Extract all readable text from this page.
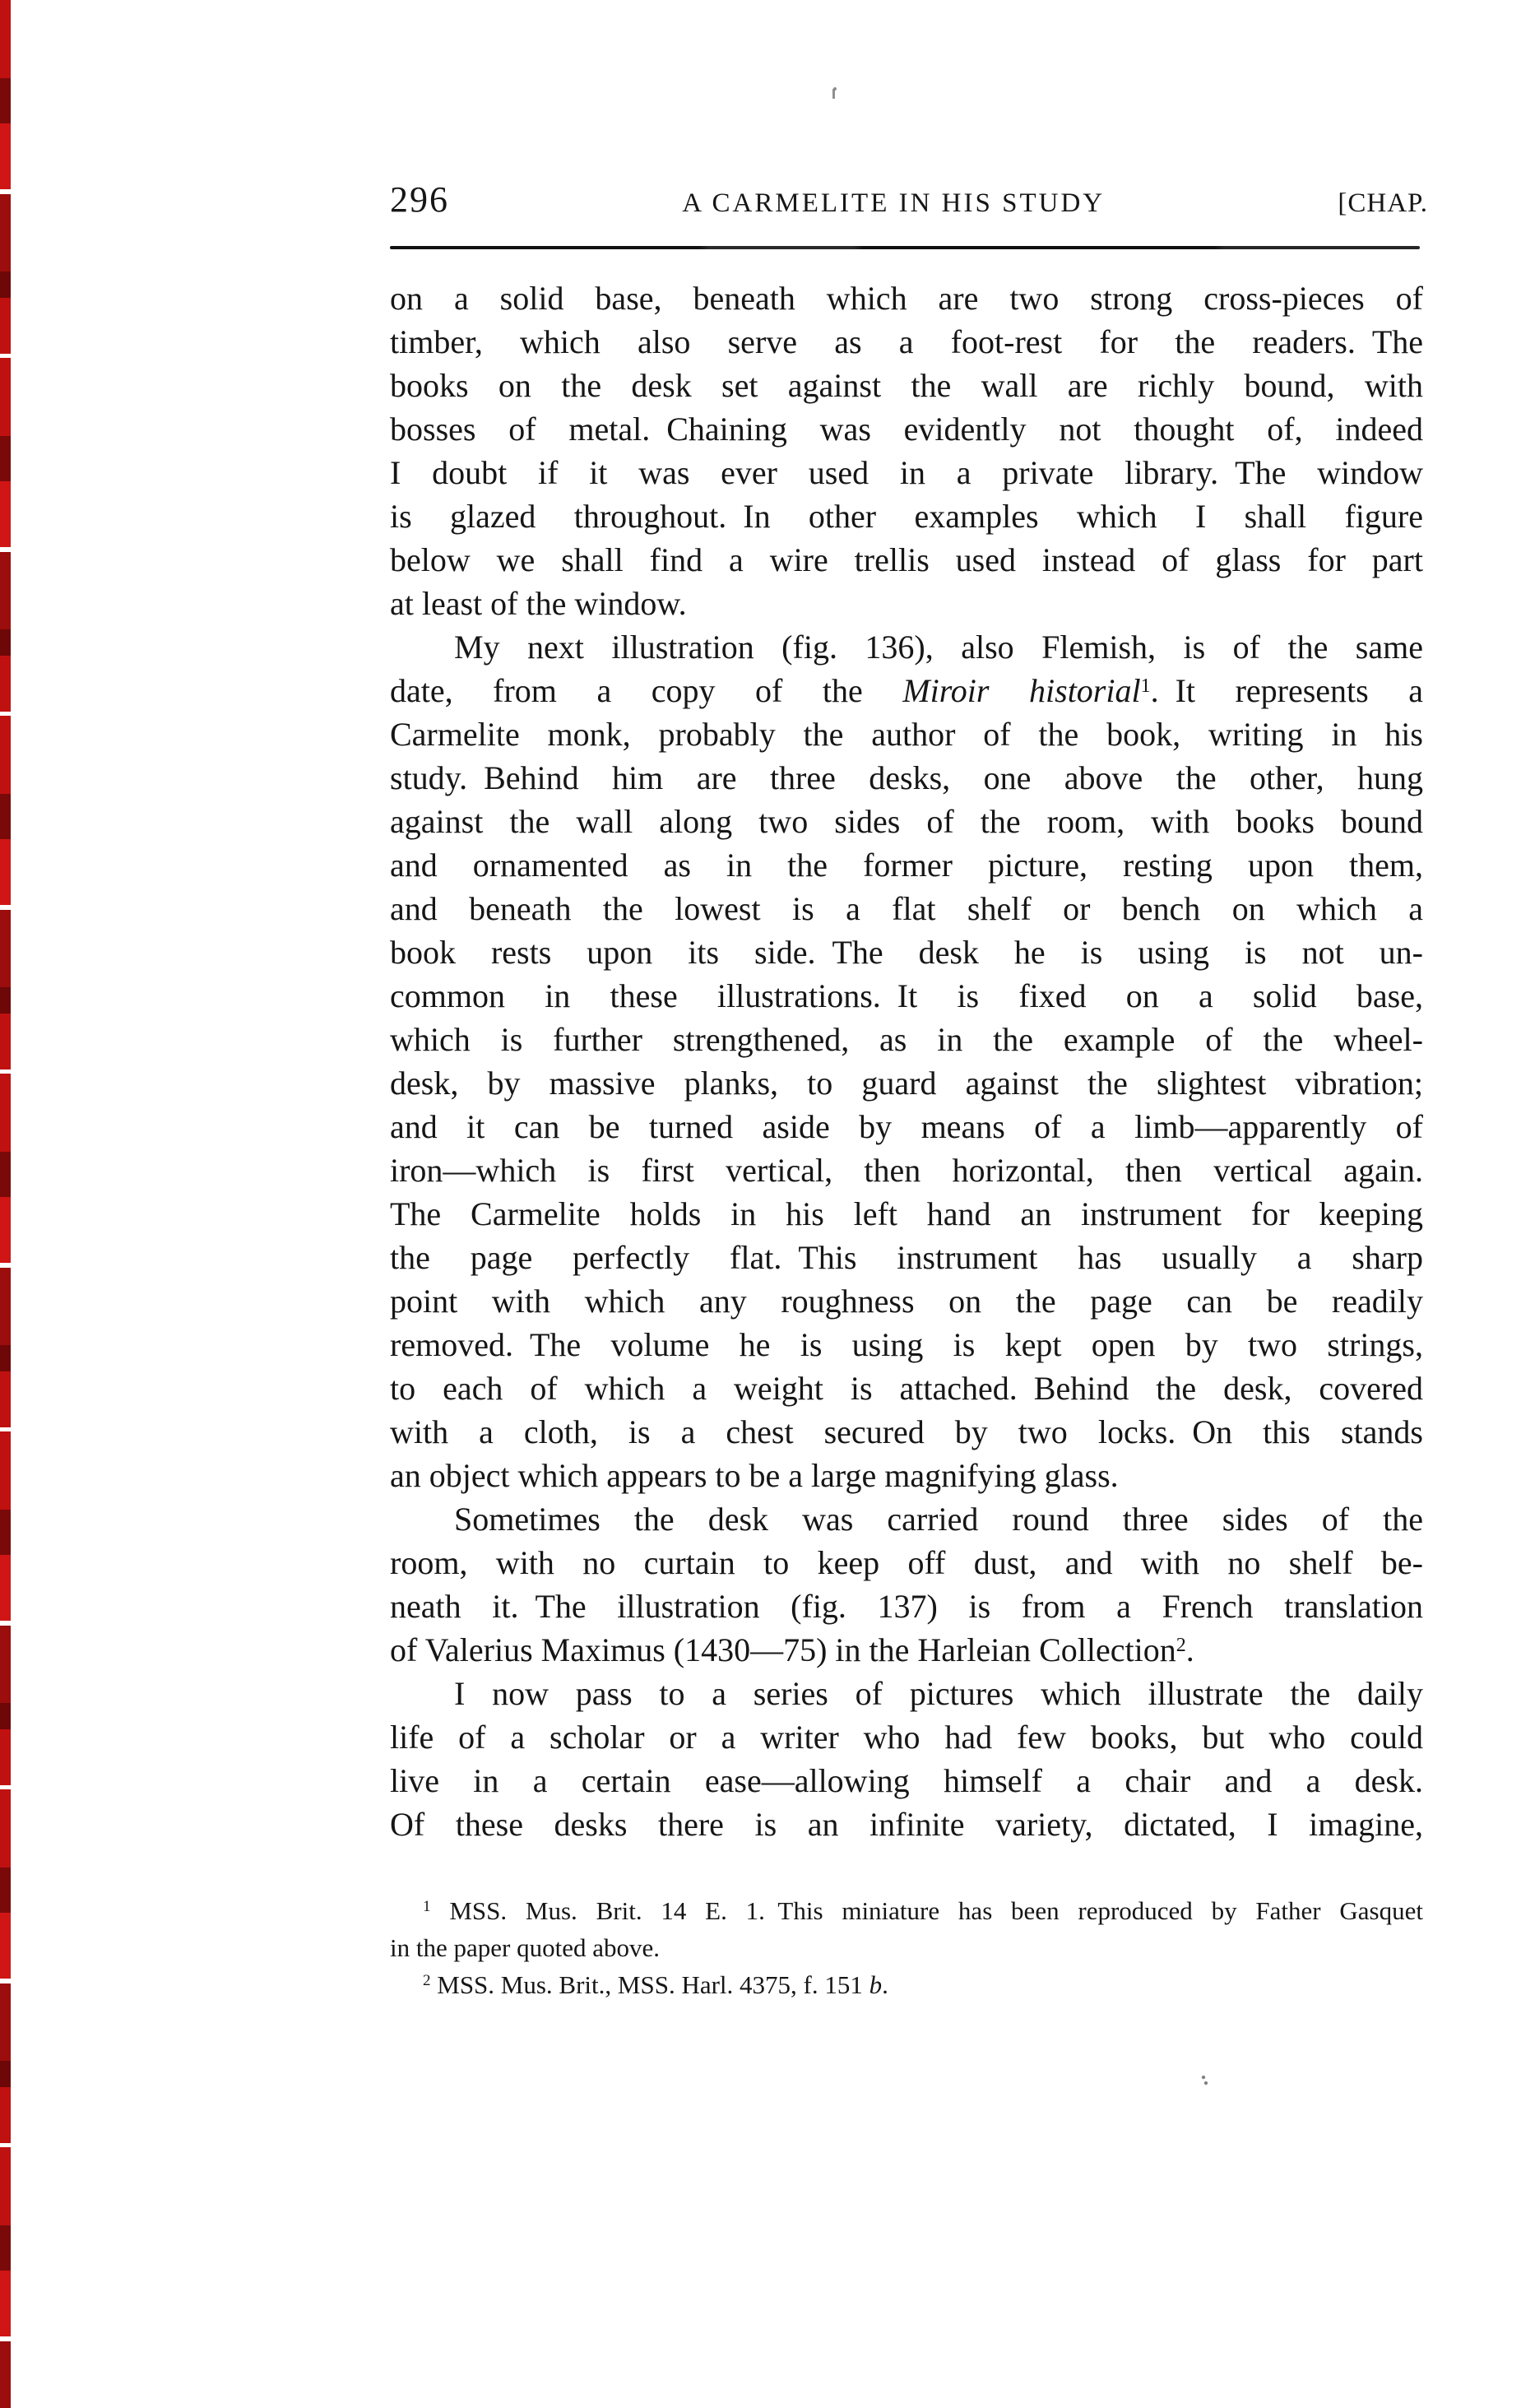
296	A CARMELITE IN HIS STUDY	[CHAP.
on a solid base, beneath which are two strong cross-pieces of
timber, which also serve as a foot-rest for the readers. The
books on the desk set against the wall are richly bound, with
bosses of metal. Chaining was evidently not thought of, indeed
I doubt if it was ever used in a private library. The window
is glazed throughout. In other examples which I shall figure
below we shall find a wire trellis used instead of glass for part
at least of the window.
My next illustration (fig. 136), also Flemish, is of the same
date, from a copy of the Miroir historial$^1$. It represents a
Carmelite monk, probably the author of the book, writing in his
study. Behind him are three desks, one above the other, hung
against the wall along two sides of the room, with books bound
and ornamented as in the former picture, resting upon them,
and beneath the lowest is a flat shelf or bench on which a
book rests upon its side. The desk he is using is not un-
common in these illustrations. It is fixed on a solid base,
which is further strengthened, as in the example of the wheel-
desk, by massive planks, to guard against the slightest vibration;
and it can be turned aside by means of a limb—apparently of
iron—which is first vertical, then horizontal, then vertical again.
The Carmelite holds in his left hand an instrument for keeping
the page perfectly flat. This instrument has usually a sharp
point with which any roughness on the page can be readily
removed. The volume he is using is kept open by two strings,
to each of which a weight is attached. Behind the desk, covered
with a cloth, is a chest secured by two locks. On this stands
an object which appears to be a large magnifying glass.
Sometimes the desk was carried round three sides of the
room, with no curtain to keep off dust, and with no shelf be-
neath it. The illustration (fig. 137) is from a French translation
of Valerius Maximus (1430—75) in the Harleian Collection$^2$.
I now pass to a series of pictures which illustrate the daily
life of a scholar or a writer who had few books, but who could
live in a certain ease—allowing himself a chair and a desk.
Of these desks there is an infinite variety, dictated, I imagine,
$^1$ MSS. Mus. Brit. 14 E. 1. This miniature has been reproduced by Father Gasquet
in the paper quoted above.
$^2$ MSS. Mus. Brit., MSS. Harl. 4375, f. 151 b.
